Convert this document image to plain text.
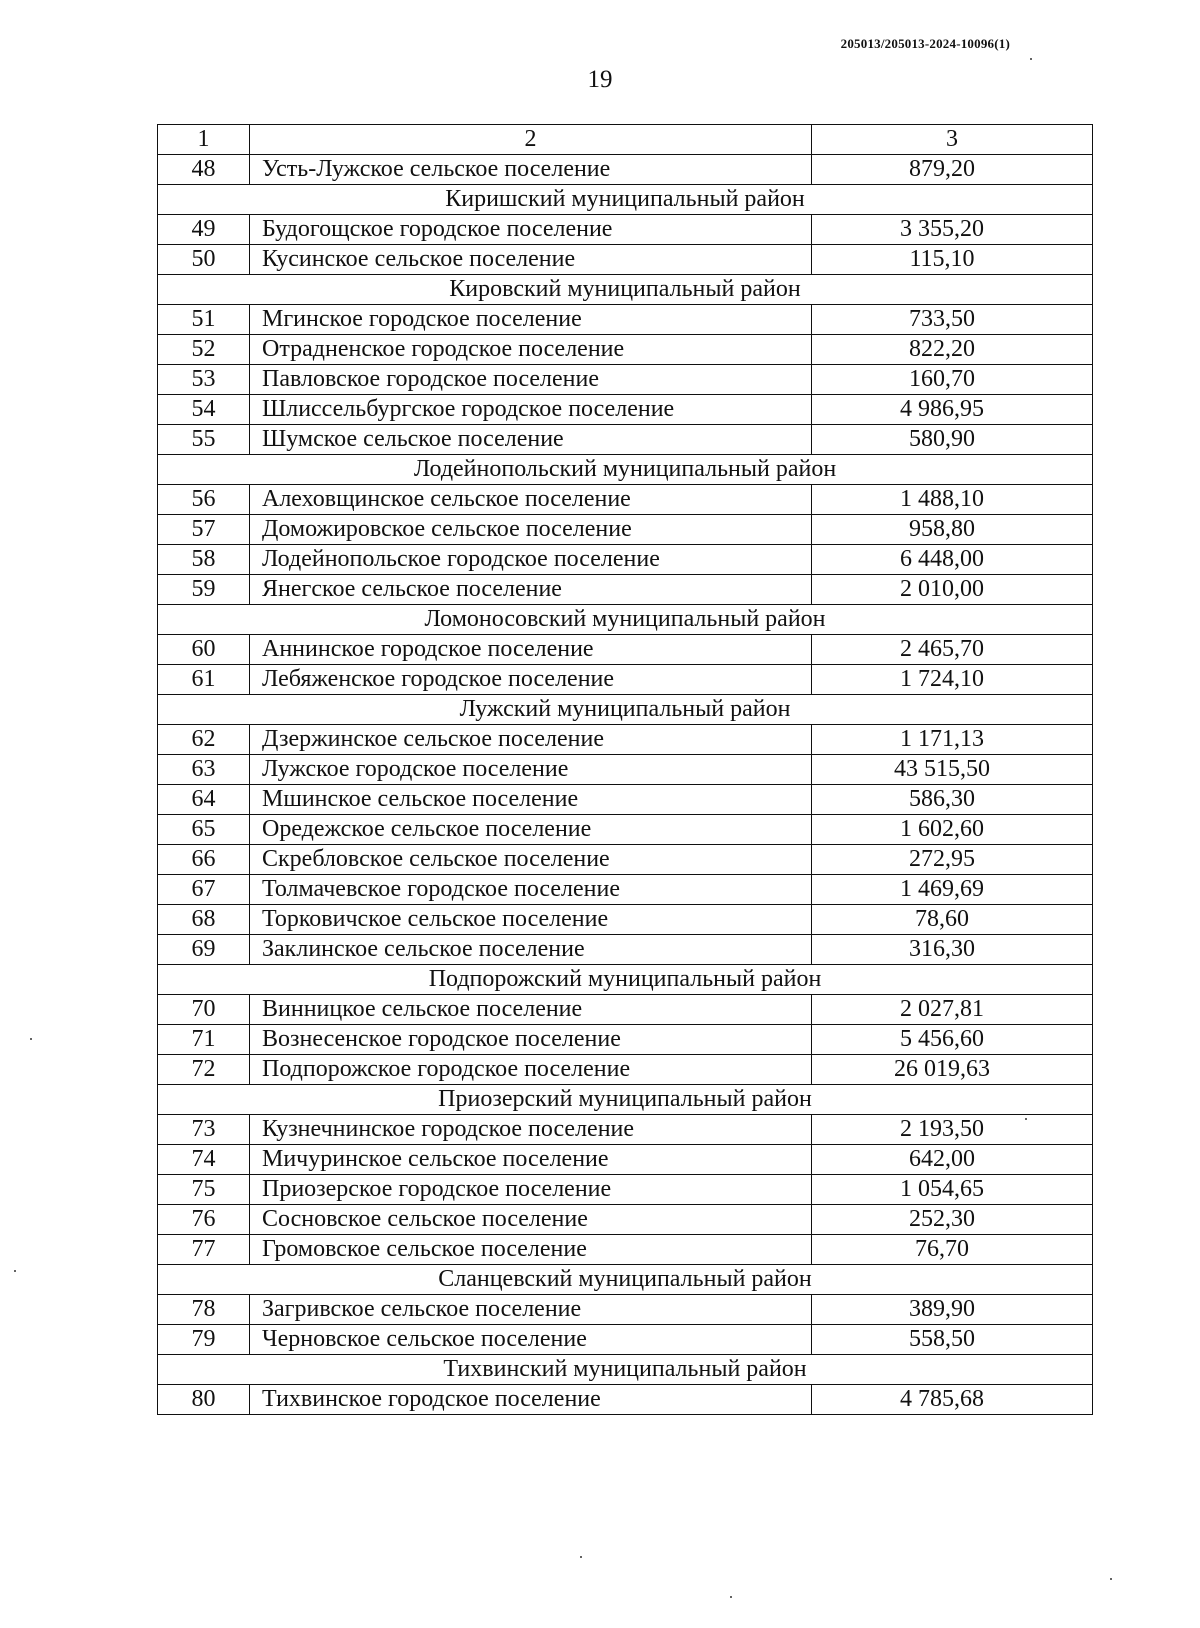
205013/205013-2024-10096(1)
19
1	2	3
48	Усть-Лужское сельское поселение	879,20
Киришский муниципальный район		
49	Будогощское городское поселение	3 355,20
50	Кусинское сельское поселение	115,10
Кировский муниципальный район		
51	Мгинское городское поселение	733,50
52	Отрадненское городское поселение	822,20
53	Павловское городское поселение	160,70
54	Шлиссельбургское городское поселение	4 986,95
55	Шумское сельское поселение	580,90
Лодейнопольский муниципальный район		
56	Алеховщинское сельское поселение	1 488,10
57	Доможировское сельское поселение	958,80
58	Лодейнопольское городское поселение	6 448,00
59	Янегское сельское поселение	2 010,00
Ломоносовский муниципальный район		
60	Аннинское городское поселение	2 465,70
61	Лебяженское городское поселение	1 724,10
Лужский муниципальный район		
62	Дзержинское сельское поселение	1 171,13
63	Лужское городское поселение	43 515,50
64	Мшинское сельское поселение	586,30
65	Оредежское сельское поселение	1 602,60
66	Скребловское сельское поселение	272,95
67	Толмачевское городское поселение	1 469,69
68	Торковичское сельское поселение	78,60
69	Заклинское сельское поселение	316,30
Подпорожский муниципальный район		
70	Винницкое сельское поселение	2 027,81
71	Вознесенское городское поселение	5 456,60
72	Подпорожское городское поселение	26 019,63
Приозерский муниципальный район		
73	Кузнечнинское городское поселение	2 193,50
74	Мичуринское сельское поселение	642,00
75	Приозерское городское поселение	1 054,65
76	Сосновское сельское поселение	252,30
77	Громовское сельское поселение	76,70
Сланцевский муниципальный район		
78	Загривское сельское поселение	389,90
79	Черновское сельское поселение	558,50
Тихвинский муниципальный район		
80	Тихвинское городское поселение	4 785,68
